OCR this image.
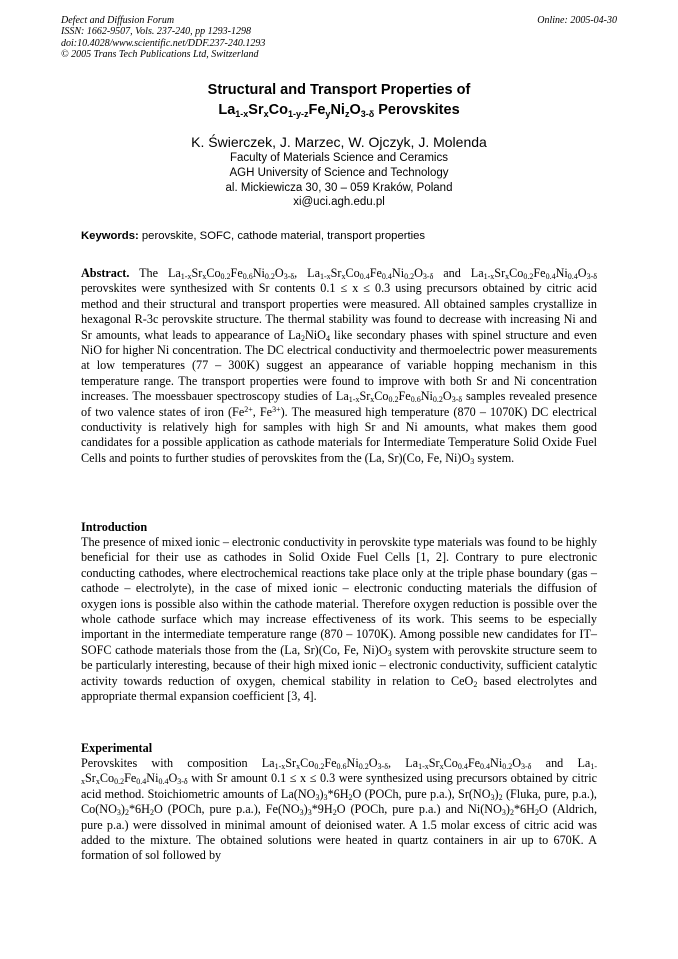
Defect and Diffusion Forum
ISSN: 1662-9507, Vols. 237-240, pp 1293-1298
doi:10.4028/www.scientific.net/DDF.237-240.1293
© 2005 Trans Tech Publications Ltd, Switzerland
Online: 2005-04-30
Structural and Transport Properties of
$La_{1-x}Sr_xCo_{1-y-z}Fe_yNi_zO_{3-\delta}$ Perovskites
K. Świerczek, J. Marzec, W. Ojczyk, J. Molenda
Faculty of Materials Science and Ceramics
AGH University of Science and Technology
al. Mickiewicza 30, 30 – 059 Kraków, Poland
xi@uci.agh.edu.pl
Keywords: perovskite, SOFC, cathode material, transport properties
Abstract. The $La_{1-x}Sr_xCo_{0.2}Fe_{0.6}Ni_{0.2}O_{3-\delta}$, $La_{1-x}Sr_xCo_{0.4}Fe_{0.4}Ni_{0.2}O_{3-\delta}$ and $La_{1-x}Sr_xCo_{0.2}Fe_{0.4}Ni_{0.4}O_{3-\delta}$ perovskites were synthesized with Sr contents 0.1 ≤ x ≤ 0.3 using precursors obtained by citric acid method and their structural and transport properties were measured. All obtained samples crystallize in hexagonal R-3c perovskite structure. The thermal stability was found to decrease with increasing Ni and Sr amounts, what leads to appearance of $La_2NiO_4$ like secondary phases with spinel structure and even NiO for higher Ni concentration. The DC electrical conductivity and thermoelectric power measurements at low temperatures (77 – 300K) suggest an appearance of variable hopping mechanism in this temperature range. The transport properties were found to improve with both Sr and Ni concentration increases. The moessbauer spectroscopy studies of $La_{1-x}Sr_xCo_{0.2}Fe_{0.6}Ni_{0.2}O_{3-\delta}$ samples revealed presence of two valence states of iron ($Fe^{2+}$, $Fe^{3+}$). The measured high temperature (870 – 1070K) DC electrical conductivity is relatively high for samples with high Sr and Ni amounts, what makes them good candidates for a possible application as cathode materials for Intermediate Temperature Solid Oxide Fuel Cells and points to further studies of perovskites from the (La, Sr)(Co, Fe, $Ni)O_3$ system.
Introduction
The presence of mixed ionic – electronic conductivity in perovskite type materials was found to be highly beneficial for their use as cathodes in Solid Oxide Fuel Cells [1, 2]. Contrary to pure electronic conducting cathodes, where electrochemical reactions take place only at the triple phase boundary (gas – cathode – electrolyte), in the case of mixed ionic – electronic conducting materials the diffusion of oxygen ions is possible also within the cathode material. Therefore oxygen reduction is possible over the whole cathode surface which may increase effectiveness of its work. This seems to be especially important in the intermediate temperature range (870 – 1070K). Among possible new candidates for IT–SOFC cathode materials those from the (La, Sr)(Co, Fe, $Ni)O_3$ system with perovskite structure seem to be particularly interesting, because of their high mixed ionic – electronic conductivity, sufficient catalytic activity towards reduction of oxygen, chemical stability in relation to CeO$_2$ based electrolytes and appropriate thermal expansion coefficient [3, 4].
Experimental
Perovskites with composition $La_{1-x}Sr_xCo_{0.2}Fe_{0.6}Ni_{0.2}O_{3-\delta}$, $La_{1-x}Sr_xCo_{0.4}Fe_{0.4}Ni_{0.2}O_{3-\delta}$ and $La_{1-x}Sr_xCo_{0.2}Fe_{0.4}Ni_{0.4}O_{3-\delta}$ with Sr amount 0.1 ≤ x ≤ 0.3 were synthesized using precursors obtained by citric acid method. Stoichiometric amounts of $La(NO_3)_3*6H_2O$ (POCh, pure p.a.), $Sr(NO_3)_2$ (Fluka, pure, p.a.), $Co(NO_3)_2*6H_2O$ (POCh, pure p.a.), $Fe(NO_3)_3*9H_2O$ (POCh, pure p.a.) and $Ni(NO_3)_2*6H_2O$ (Aldrich, pure p.a.) were dissolved in minimal amount of deionised water. A 1.5 molar excess of citric acid was added to the mixture. The obtained solutions were heated in quartz containers in air up to 670K. A formation of sol followed by
